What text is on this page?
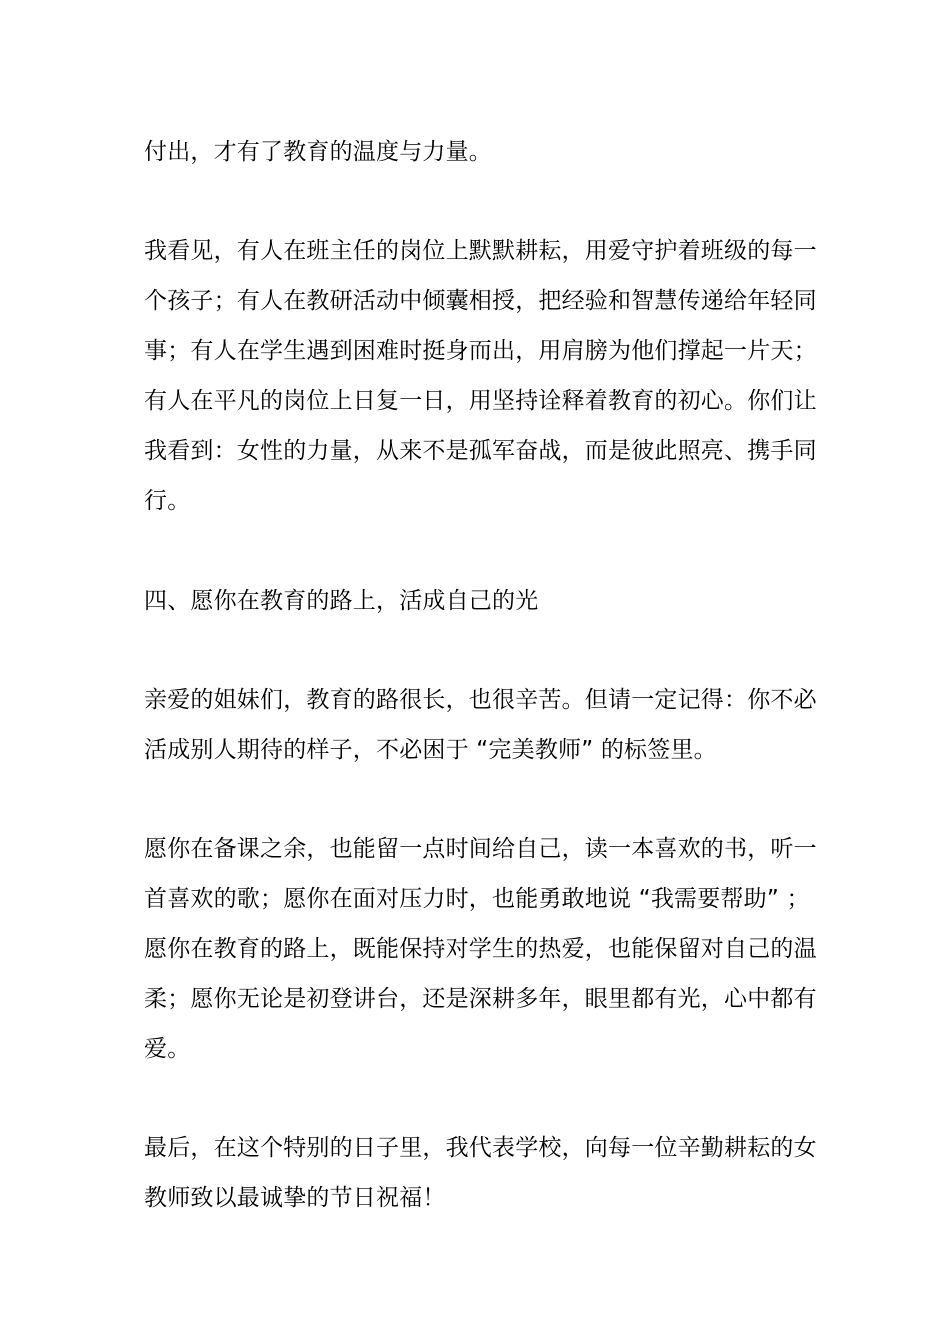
付出，才有了教育的温度与力量。
我看见，有人在班主任的岗位上默默耕耘，用爱守护着班级的每一
个孩子；有人在教研活动中倾囊相授，把经验和智慧传递给年轻同
事；有人在学生遇到困难时挺身而出，用肩膀为他们撑起一片天；
有人在平凡的岗位上日复一日，用坚持诠释着教育的初心。你们让
我看到：女性的力量，从来不是孤军奋战，而是彼此照亮、携手同
行。
四、愿你在教育的路上，活成自己的光
亲爱的姐妹们，教育的路很长，也很辛苦。但请一定记得：你不必
活成别人期待的样子，不必困于 “完美教师” 的标签里。
愿你在备课之余，也能留一点时间给自己，读一本喜欢的书，听一
首喜欢的歌；愿你在面对压力时，也能勇敢地说 “我需要帮助” ；
愿你在教育的路上，既能保持对学生的热爱，也能保留对自己的温
柔；愿你无论是初登讲台，还是深耕多年，眼里都有光，心中都有
爱。
最后，在这个特别的日子里，我代表学校，向每一位辛勤耕耘的女
教师致以最诚挚的节日祝福！
